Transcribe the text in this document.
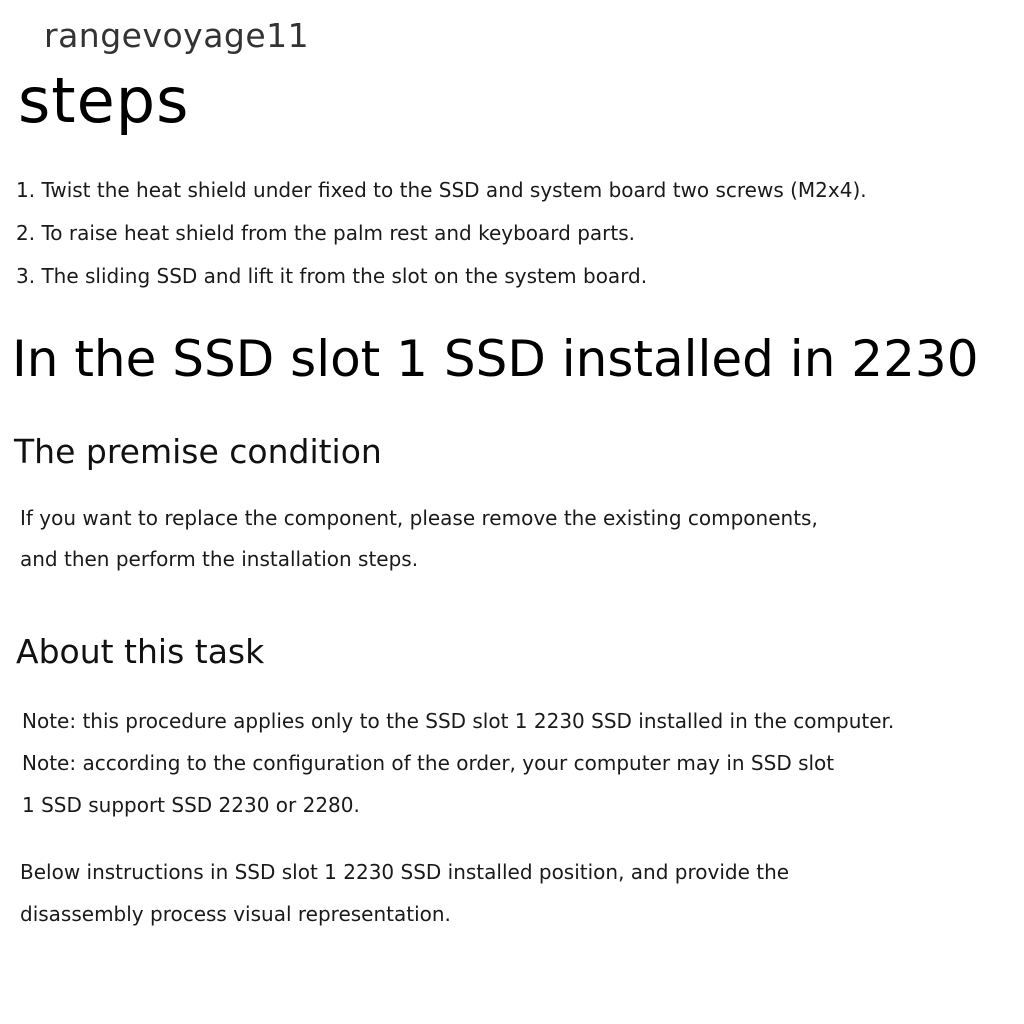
rangevoyage11
steps
1. Twist the heat shield under fixed to the SSD and system board two screws (M2x4).
2. To raise heat shield from the palm rest and keyboard parts.
3. The sliding SSD and lift it from the slot on the system board.
In the SSD slot 1 SSD installed in 2230
The premise condition
If you want to replace the component, please remove the existing components,
and then perform the installation steps.
About this task
Note: this procedure applies only to the SSD slot 1 2230 SSD installed in the computer.
Note: according to the configuration of the order, your computer may in SSD slot
1 SSD support SSD 2230 or 2280.
Below instructions in SSD slot 1 2230 SSD installed position, and provide the
disassembly process visual representation.
